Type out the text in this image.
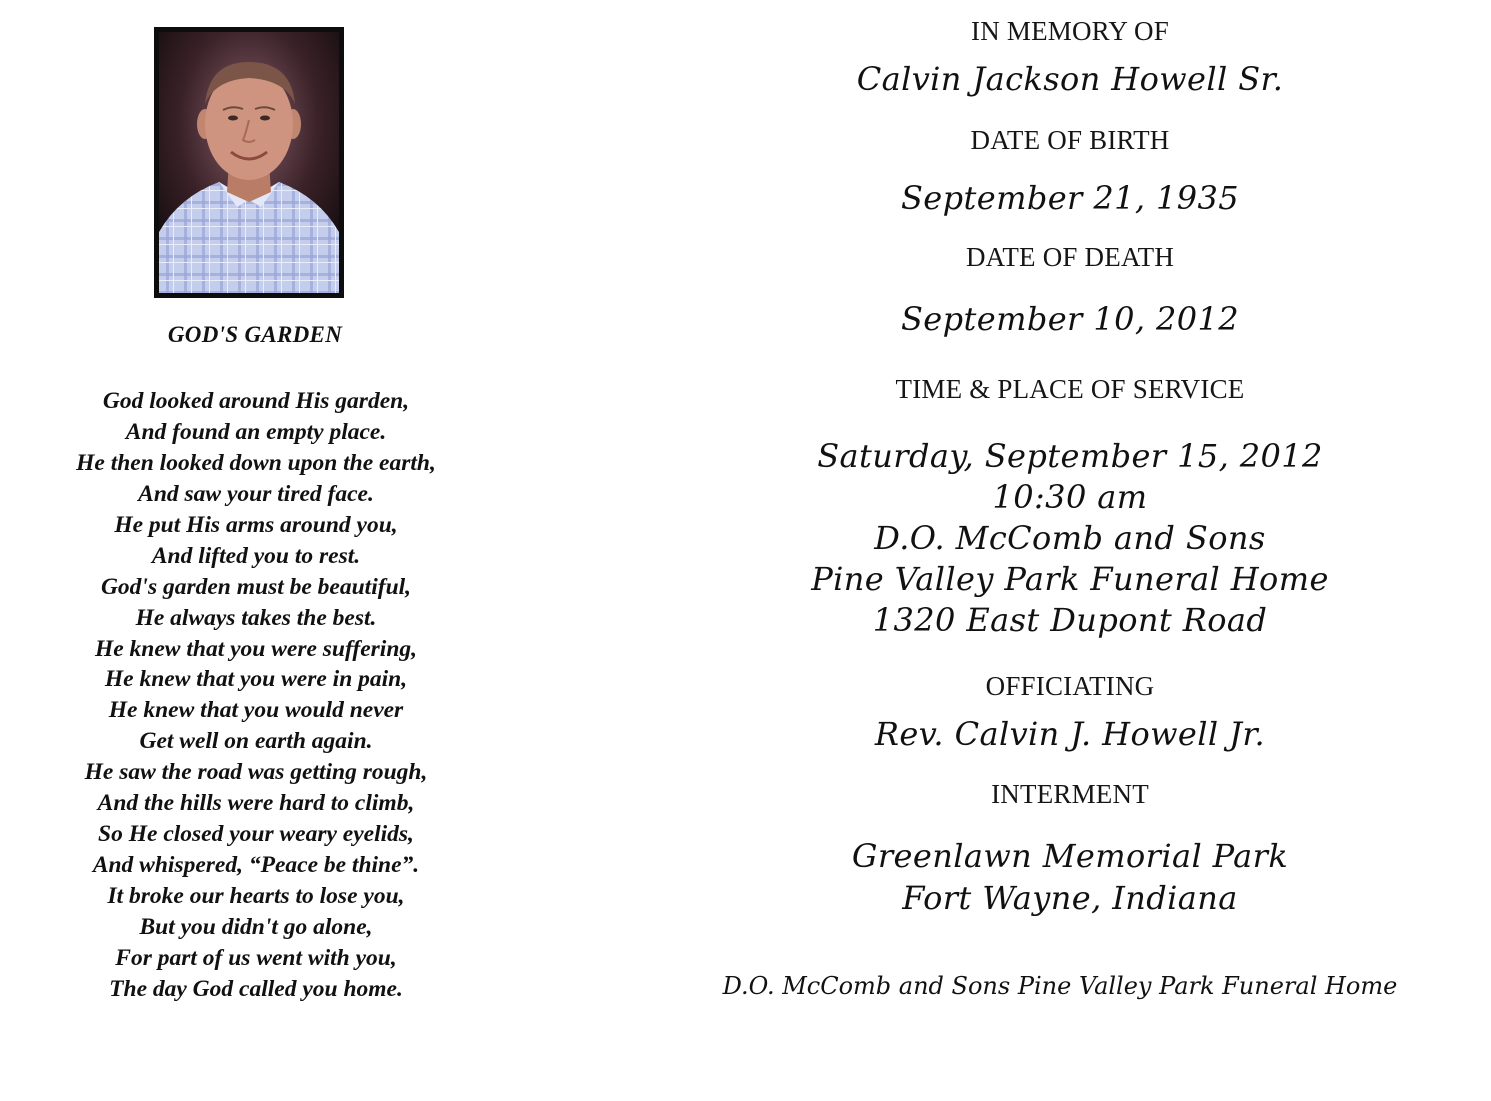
GOD'S GARDEN
God looked around His garden,
And found an empty place.
He then looked down upon the earth,
And saw your tired face.
He put His arms around you,
And lifted you to rest.
God's garden must be beautiful,
He always takes the best.
He knew that you were suffering,
He knew that you were in pain,
He knew that you would never
Get well on earth again.
He saw the road was getting rough,
And the hills were hard to climb,
So He closed your weary eyelids,
And whispered, “Peace be thine”.
It broke our hearts to lose you,
But you didn't go alone,
For part of us went with you,
The day God called you home.
IN MEMORY OF
Calvin Jackson Howell Sr.
DATE OF BIRTH
September 21, 1935
DATE OF DEATH
September 10, 2012
TIME & PLACE OF SERVICE
Saturday, September 15, 2012
10:30 am
D.O. McComb and Sons
Pine Valley Park Funeral Home
1320 East Dupont Road
OFFICIATING
Rev. Calvin J. Howell Jr.
INTERMENT
Greenlawn Memorial Park
Fort Wayne, Indiana
D.O. McComb and Sons Pine Valley Park Funeral Home
